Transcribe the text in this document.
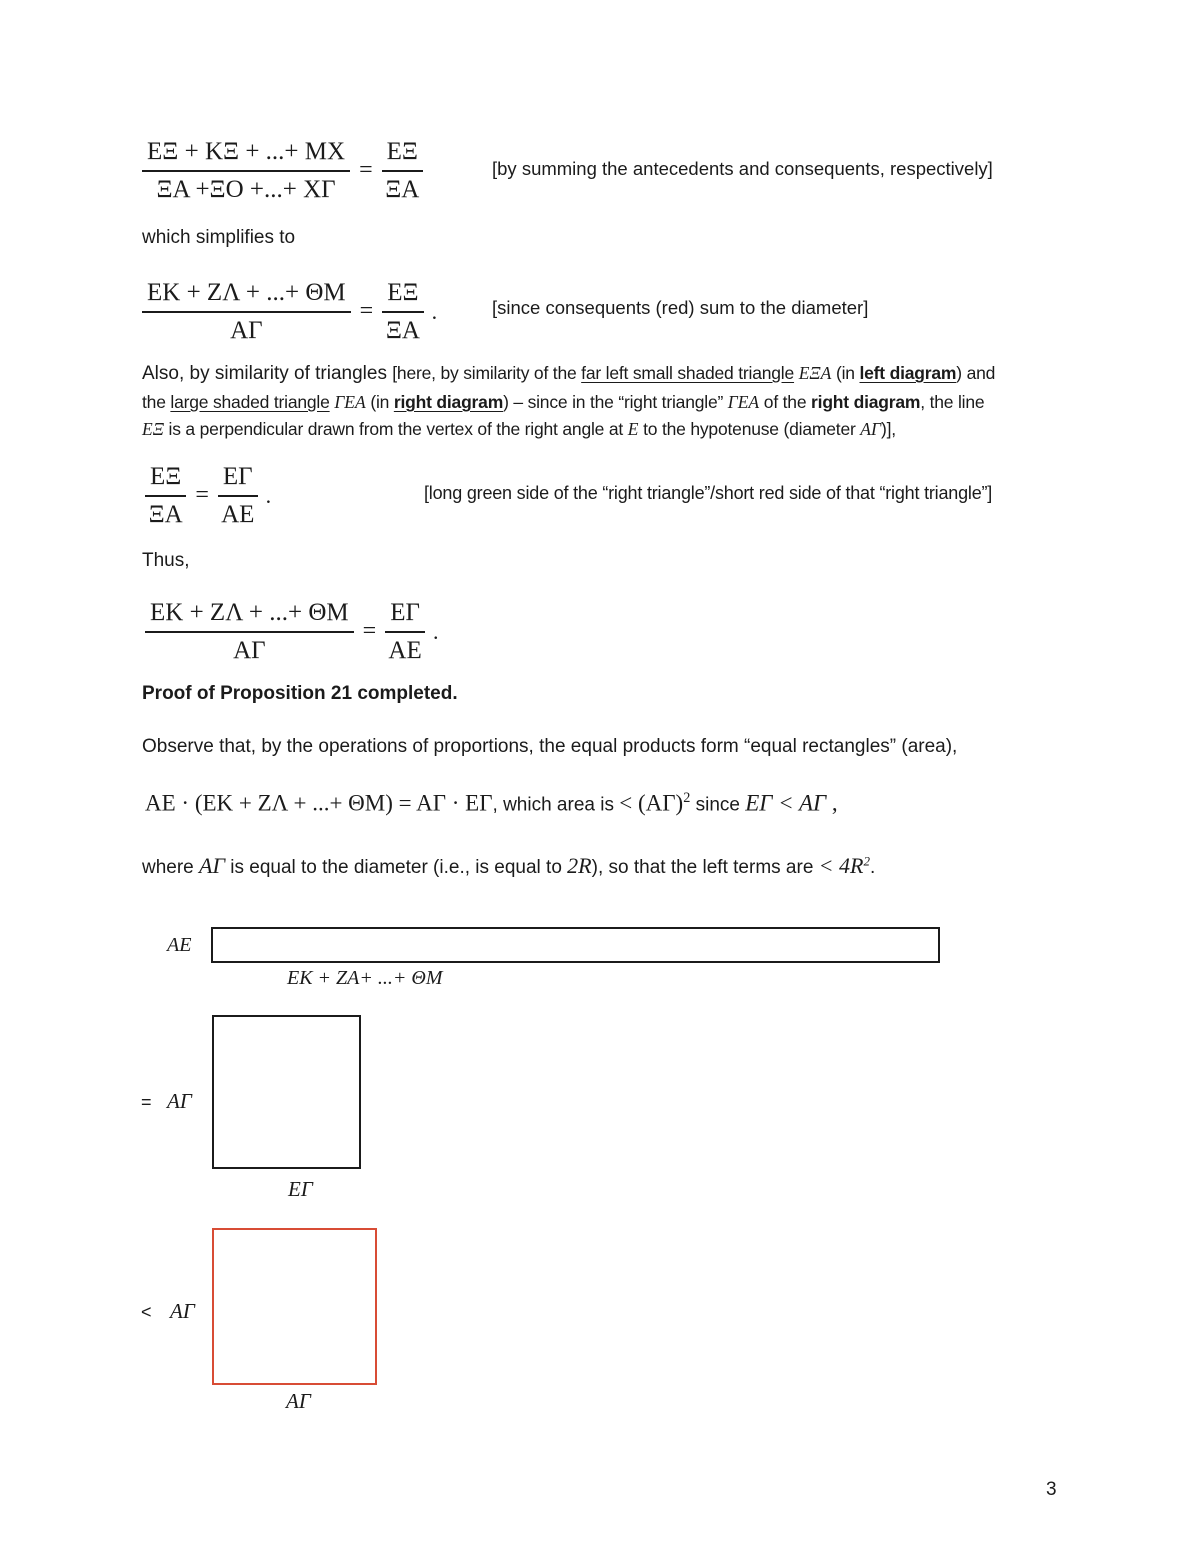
$\frac{E\Xi + K\Xi + ...+ MX}{\Xi A +\Xi O +...+ X\Gamma} = \frac{E\Xi}{\Xi A}$	[by summing the antecedents and consequents, respectively]
which simplifies to
$\frac{EK + Z\Lambda + ...+ \Theta M}{A\Gamma} = \frac{E\Xi}{\Xi A}$ .	[since consequents (red) sum to the diameter]
Also, by similarity of triangles [here, by similarity of the far left small shaded triangle ΕΞΑ (in left diagram) and
the large shaded triangle ΓΕΑ (in right diagram) – since in the “right triangle” ΓΕΑ of the right diagram, the line
ΕΞ is a perpendicular drawn from the vertex of the right angle at Ε to the hypotenuse (diameter ΑΓ)],
$\frac{E\Xi}{\Xi A} = \frac{E\Gamma}{AE}$ .	[long green side of the “right triangle”/short red side of that “right triangle”]
Thus,
$\frac{EK + Z\Lambda + ...+ \Theta M}{A\Gamma} = \frac{E\Gamma}{AE}$ .
Proof of Proposition 21 completed.
Observe that, by the operations of proportions, the equal products form “equal rectangles” (area),
ΑΕ · (ΕΚ + ΖΛ + ...+ ΘΜ) = ΑΓ · ΕΓ, which area is < $(A\Gamma)^2$ since ΕΓ < ΑΓ ,
where ΑΓ is equal to the diameter (i.e., is equal to 2R), so that the left terms are < $4R^2$.
ΑΕ
ΕΚ + ΖΑ+ ...+ ΘΜ
= ΑΓ
ΕΓ
< ΑΓ
ΑΓ
3
